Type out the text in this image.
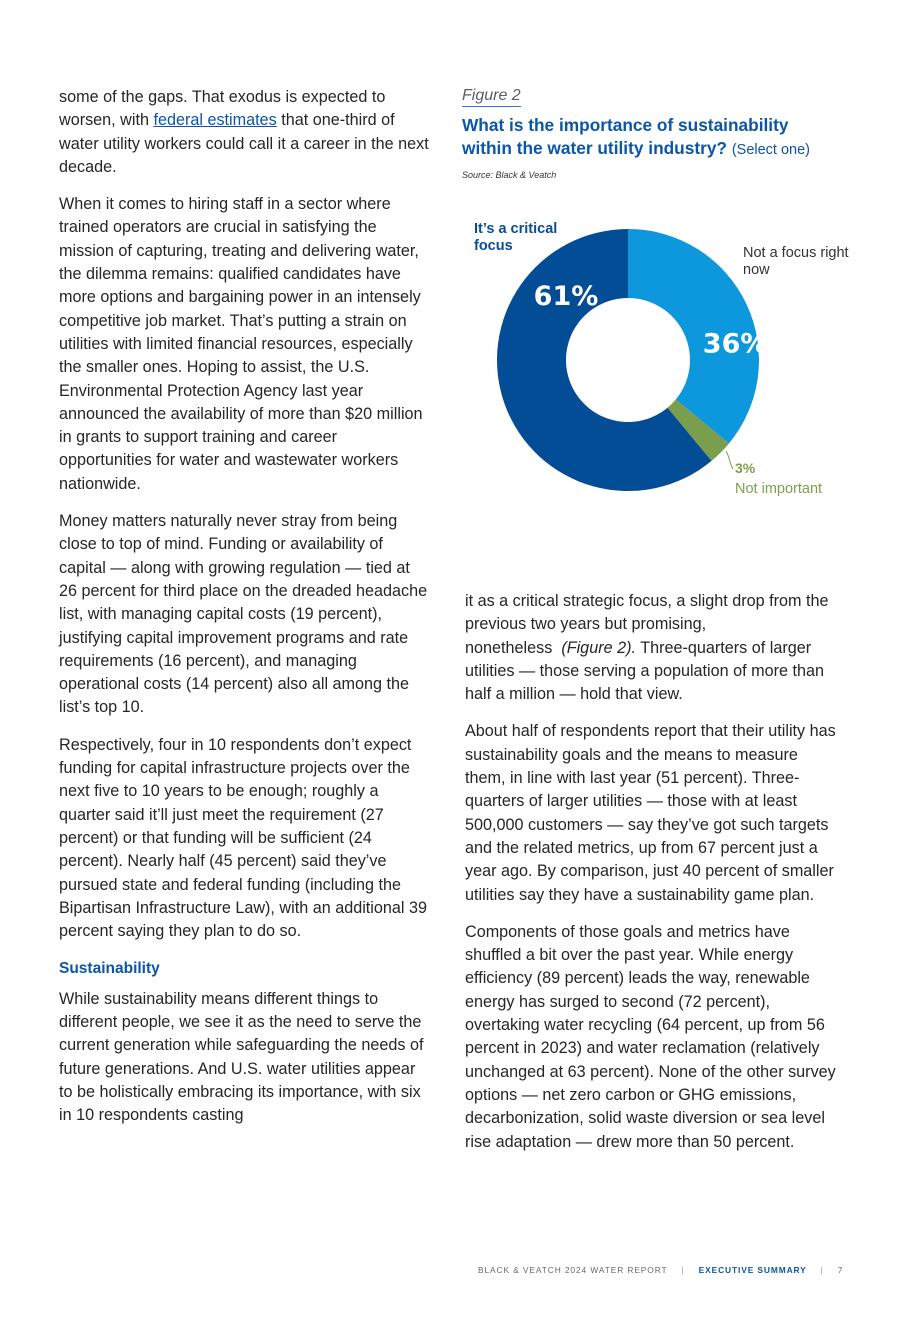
some of the gaps. That exodus is expected to worsen, with federal estimates that one-third of water utility workers could call it a career in the next decade.

When it comes to hiring staff in a sector where trained operators are crucial in satisfying the mission of capturing, treating and delivering water, the dilemma remains: qualified candidates have more options and bargaining power in an intensely competitive job market. That’s putting a strain on utilities with limited financial resources, especially the smaller ones. Hoping to assist, the U.S. Environmental Protection Agency last year announced the availability of more than $20 million in grants to support training and career opportunities for water and wastewater workers nationwide.

Money matters naturally never stray from being close to top of mind. Funding or availability of capital — along with growing regulation — tied at 26 percent for third place on the dreaded headache list, with managing capital costs (19 percent), justifying capital improvement programs and rate requirements (16 percent), and managing operational costs (14 percent) also all among the list’s top 10.

Respectively, four in 10 respondents don’t expect funding for capital infrastructure projects over the next five to 10 years to be enough; roughly a quarter said it’ll just meet the requirement (27 percent) or that funding will be sufficient (24 percent). Nearly half (45 percent) said they’ve pursued state and federal funding (including the Bipartisan Infrastructure Law), with an additional 39 percent saying they plan to do so.

Sustainability

While sustainability means different things to different people, we see it as the need to serve the current generation while safeguarding the needs of future generations. And U.S. water utilities appear to be holistically embracing its importance, with six in 10 respondents casting

Figure 2
What is the importance of sustainability within the water utility industry? (Select one)
Source: Black & Veatch
36%
61%
It’s a critical focus	Not a focus right now
3%
Not important

it as a critical strategic focus, a slight drop from the previous two years but promising, nonetheless (Figure 2). Three-quarters of larger utilities — those serving a population of more than half a million — hold that view.

About half of respondents report that their utility has sustainability goals and the means to measure them, in line with last year (51 percent). Three-quarters of larger utilities — those with at least 500,000 customers — say they’ve got such targets and the related metrics, up from 67 percent just a year ago. By comparison, just 40 percent of smaller utilities say they have a sustainability game plan.

Components of those goals and metrics have shuffled a bit over the past year. While energy efficiency (89 percent) leads the way, renewable energy has surged to second (72 percent), overtaking water recycling (64 percent, up from 56 percent in 2023) and water reclamation (relatively unchanged at 63 percent). None of the other survey options — net zero carbon or GHG emissions, decarbonization, solid waste diversion or sea level rise adaptation — drew more than 50 percent.

BLACK & VEATCH 2024 WATER REPORT | EXECUTIVE SUMMARY | 7
